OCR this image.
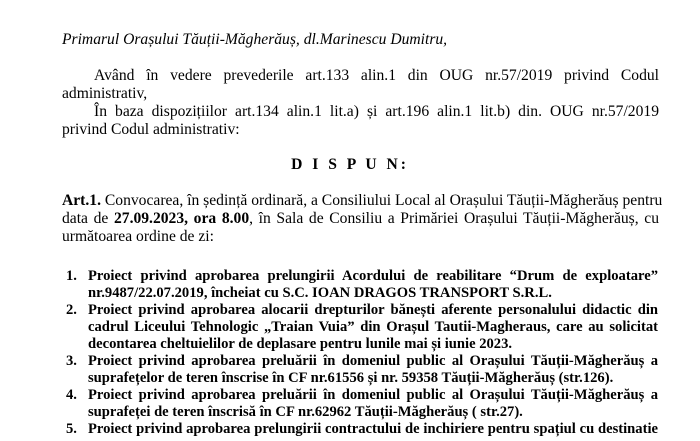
Primarul Orașului Tăuții-Măgherăuș, dl.Marinescu Dumitru,
Având în vedere prevederile art.133 alin.1 din OUG nr.57/2019 privind Codul
administrativ,
În baza dispozițiilor art.134 alin.1 lit.a) și art.196 alin.1 lit.b) din. OUG nr.57/2019
privind Codul administrativ:
D I S P U N:
Art.1. Convocarea, în ședință ordinară, a Consiliului Local al Orașului Tăuții-Măgherăuș pentru
data de 27.09.2023, ora 8.00, în Sala de Consiliu a Primăriei Orașului Tăuții-Măgherăuș, cu
următoarea ordine de zi:
1. Proiect privind aprobarea prelungirii Acordului de reabilitare “Drum de exploatare”
nr.9487/22.07.2019, încheiat cu S.C. IOAN DRAGOS TRANSPORT S.R.L.
2. Proiect privind aprobarea alocarii drepturilor bănești aferente personalului didactic din
cadrul Liceului Tehnologic „Traian Vuia” din Orașul Tautii-Magheraus, care au solicitat
decontarea cheltuielilor de deplasare pentru lunile mai și iunie 2023.
3. Proiect privind aprobarea preluării în domeniul public al Orașului Tăuții-Măgherăuș a
suprafețelor de teren înscrise în CF nr.61556 și nr. 59358 Tăuții-Măgherăuș (str.126).
4. Proiect privind aprobarea preluării în domeniul public al Orașului Tăuții-Măgherăuș a
suprafeței de teren înscrisă în CF nr.62962 Tăuții-Măgherăuș ( str.27).
5. Proiect privind aprobarea prelungirii contractului de inchiriere pentru spațiul cu destinatie
